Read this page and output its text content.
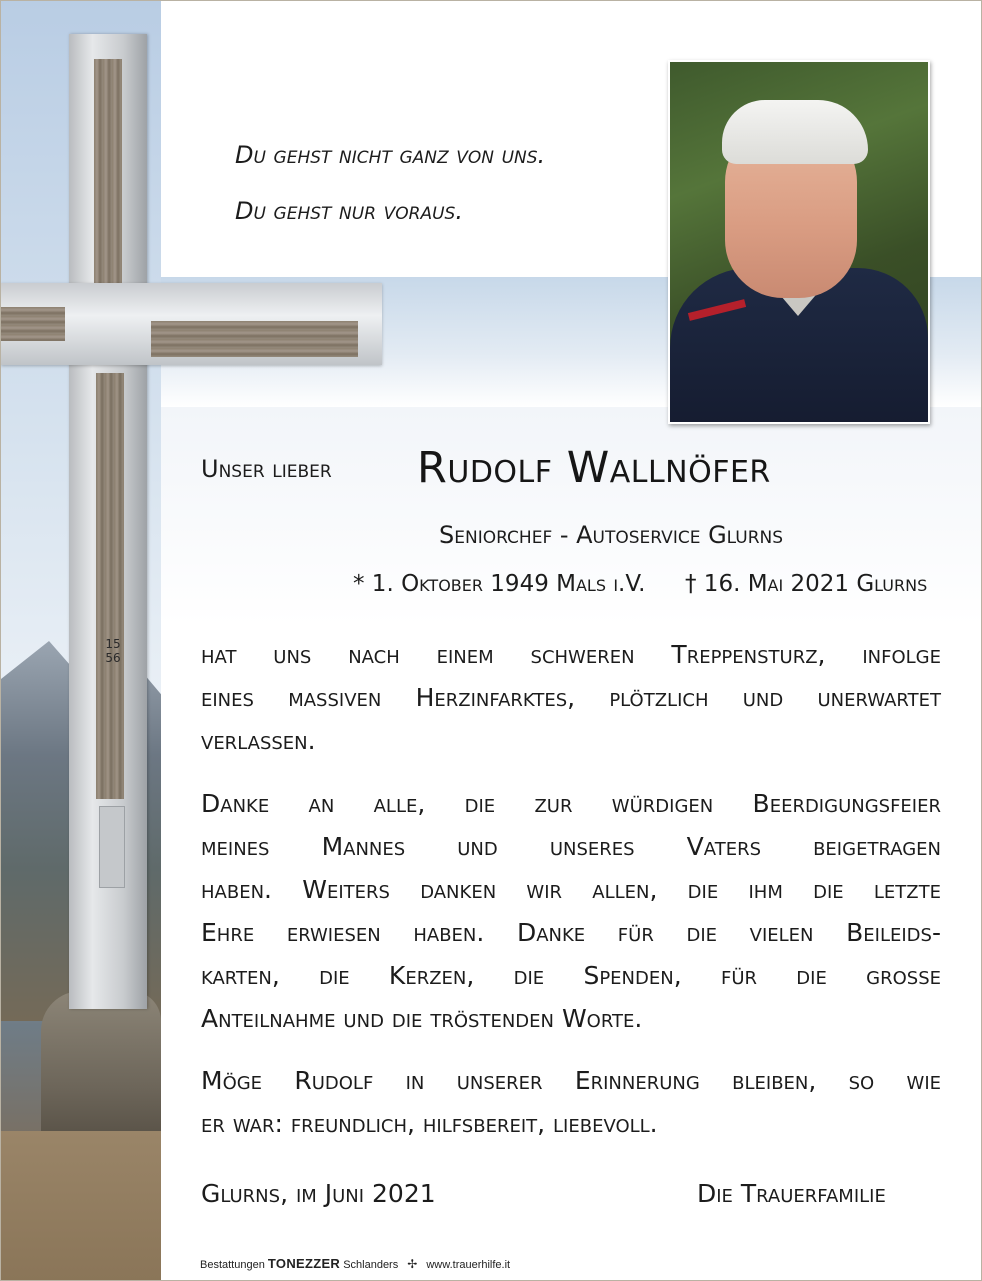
15
56
Du gehst nicht ganz von uns.
Du gehst nur voraus.
Unser lieber Rudolf Wallnöfer
Seniorchef - Autoservice Glurns
* 1. Oktober 1949 Mals i.V. † 16. Mai 2021 Glurns
hat uns nach einem schweren Treppensturz, infolge
eines massiven Herzinfarktes, plötzlich und unerwartet
verlassen.
Danke an alle, die zur würdigen Beerdigungsfeier
meines Mannes und unseres Vaters beigetragen
haben. Weiters danken wir allen, die ihm die letzte
Ehre erwiesen haben. Danke für die vielen Beileids-
karten, die Kerzen, die Spenden, für die grosse
Anteilnahme und die tröstenden Worte.
Möge Rudolf in unserer Erinnerung bleiben, so wie
er war: freundlich, hilfsbereit, liebevoll.
Glurns, im Juni 2021	Die Trauerfamilie
Bestattungen TONEZZER Schlanders ✢ www.trauerhilfe.it
